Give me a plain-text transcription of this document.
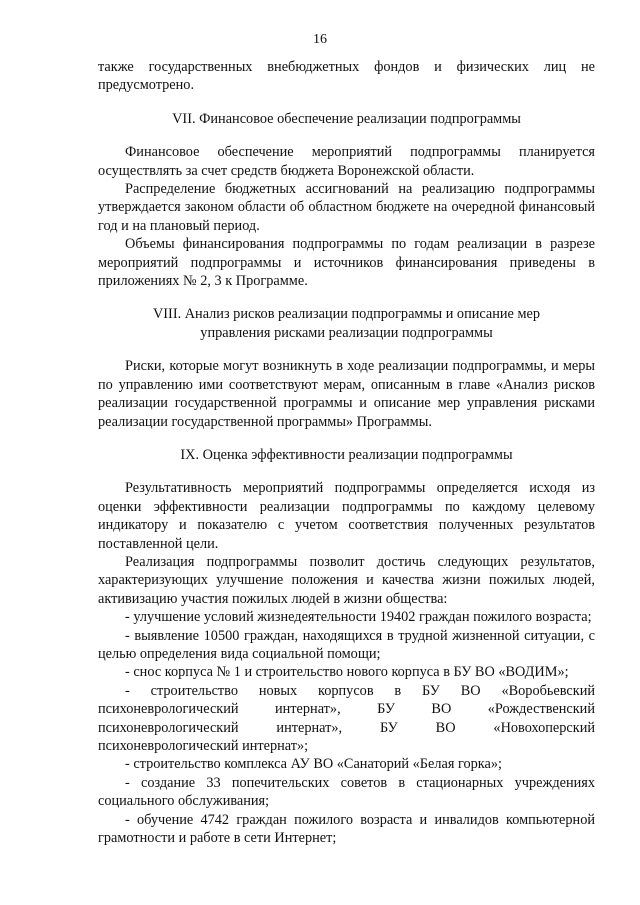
16

также государственных внебюджетных фондов и физических лиц не предусмотрено.

VII. Финансовое обеспечение реализации подпрограммы

Финансовое обеспечение мероприятий подпрограммы планируется осуществлять за счет средств бюджета Воронежской области.

Распределение бюджетных ассигнований на реализацию подпрограммы утверждается законом области об областном бюджете на очередной финансовый год и на плановый период.

Объемы финансирования подпрограммы по годам реализации в разрезе мероприятий подпрограммы и источников финансирования приведены в приложениях № 2, 3 к Программе.

VIII. Анализ рисков реализации подпрограммы и описание мер
управления рисками реализации подпрограммы

Риски, которые могут возникнуть в ходе реализации подпрограммы, и меры по управлению ими соответствуют мерам, описанным в главе «Анализ рисков реализации государственной программы и описание мер управления рисками реализации государственной программы» Программы.

IX. Оценка эффективности реализации подпрограммы

Результативность мероприятий подпрограммы определяется исходя из оценки эффективности реализации подпрограммы по каждому целевому индикатору и показателю с учетом соответствия полученных результатов поставленной цели.

Реализация подпрограммы позволит достичь следующих результатов, характеризующих улучшение положения и качества жизни пожилых людей, активизацию участия пожилых людей в жизни общества:

- улучшение условий жизнедеятельности 19402 граждан пожилого возраста;

- выявление 10500 граждан, находящихся в трудной жизненной ситуации, с целью определения вида социальной помощи;

- снос корпуса № 1 и строительство нового корпуса в БУ ВО «ВОДИМ»;

- строительство новых корпусов в БУ ВО «Воробьевский психоневрологический интернат», БУ ВО «Рождественский психоневрологический интернат», БУ ВО «Новохоперский психоневрологический интернат»;

- строительство комплекса АУ ВО «Санаторий «Белая горка»;

- создание 33 попечительских советов в стационарных учреждениях социального обслуживания;

- обучение 4742 граждан пожилого возраста и инвалидов компьютерной грамотности и работе в сети Интернет;
